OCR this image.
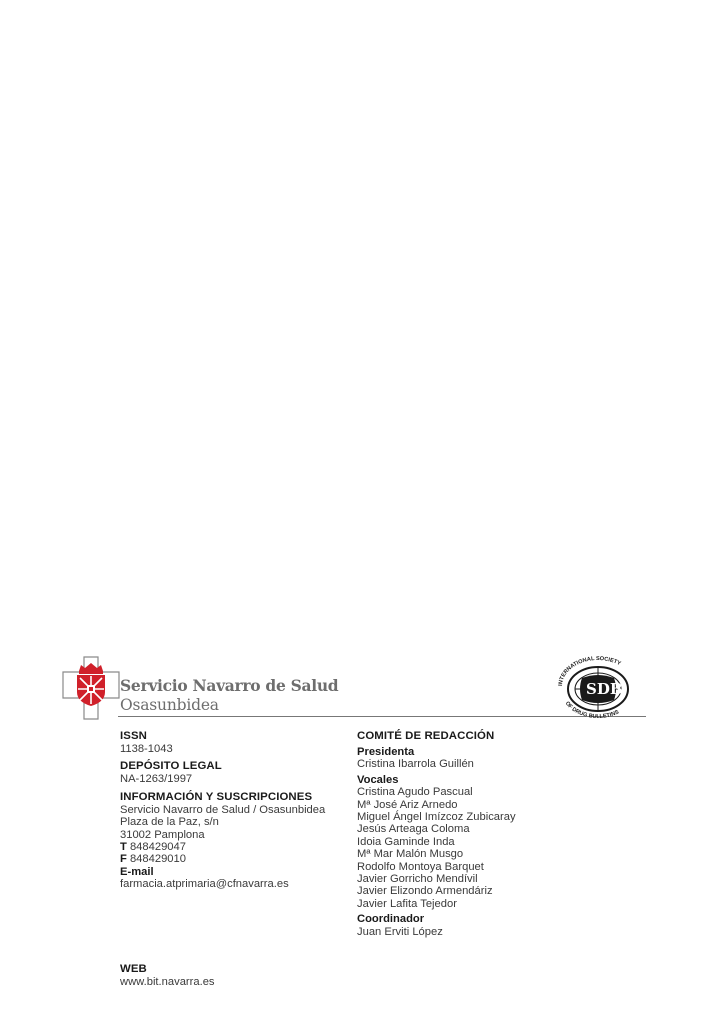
Servicio Navarro de Salud
Osasunbidea
SDB
INTERNATIONAL SOCIETY
OF DRUG BULLETINS
ISSN
1138-1043
DEPÓSITO LEGAL
NA-1263/1997
INFORMACIÓN Y SUSCRIPCIONES
Servicio Navarro de Salud / Osasunbidea
Plaza de la Paz, s/n
31002 Pamplona
T 848429047
F 848429010
E-mail
farmacia.atprimaria@cfnavarra.es
COMITÉ DE REDACCIÓN
Presidenta
Cristina Ibarrola Guillén
Vocales
Cristina Agudo Pascual
Mª José Ariz Arnedo
Miguel Ángel Imízcoz Zubicaray
Jesús Arteaga Coloma
Idoia Gaminde Inda
Mª Mar Malón Musgo
Rodolfo Montoya Barquet
Javier Gorricho Mendívil
Javier Elizondo Armendáriz
Javier Lafita Tejedor
Coordinador
Juan Erviti López
WEB
www.bit.navarra.es
